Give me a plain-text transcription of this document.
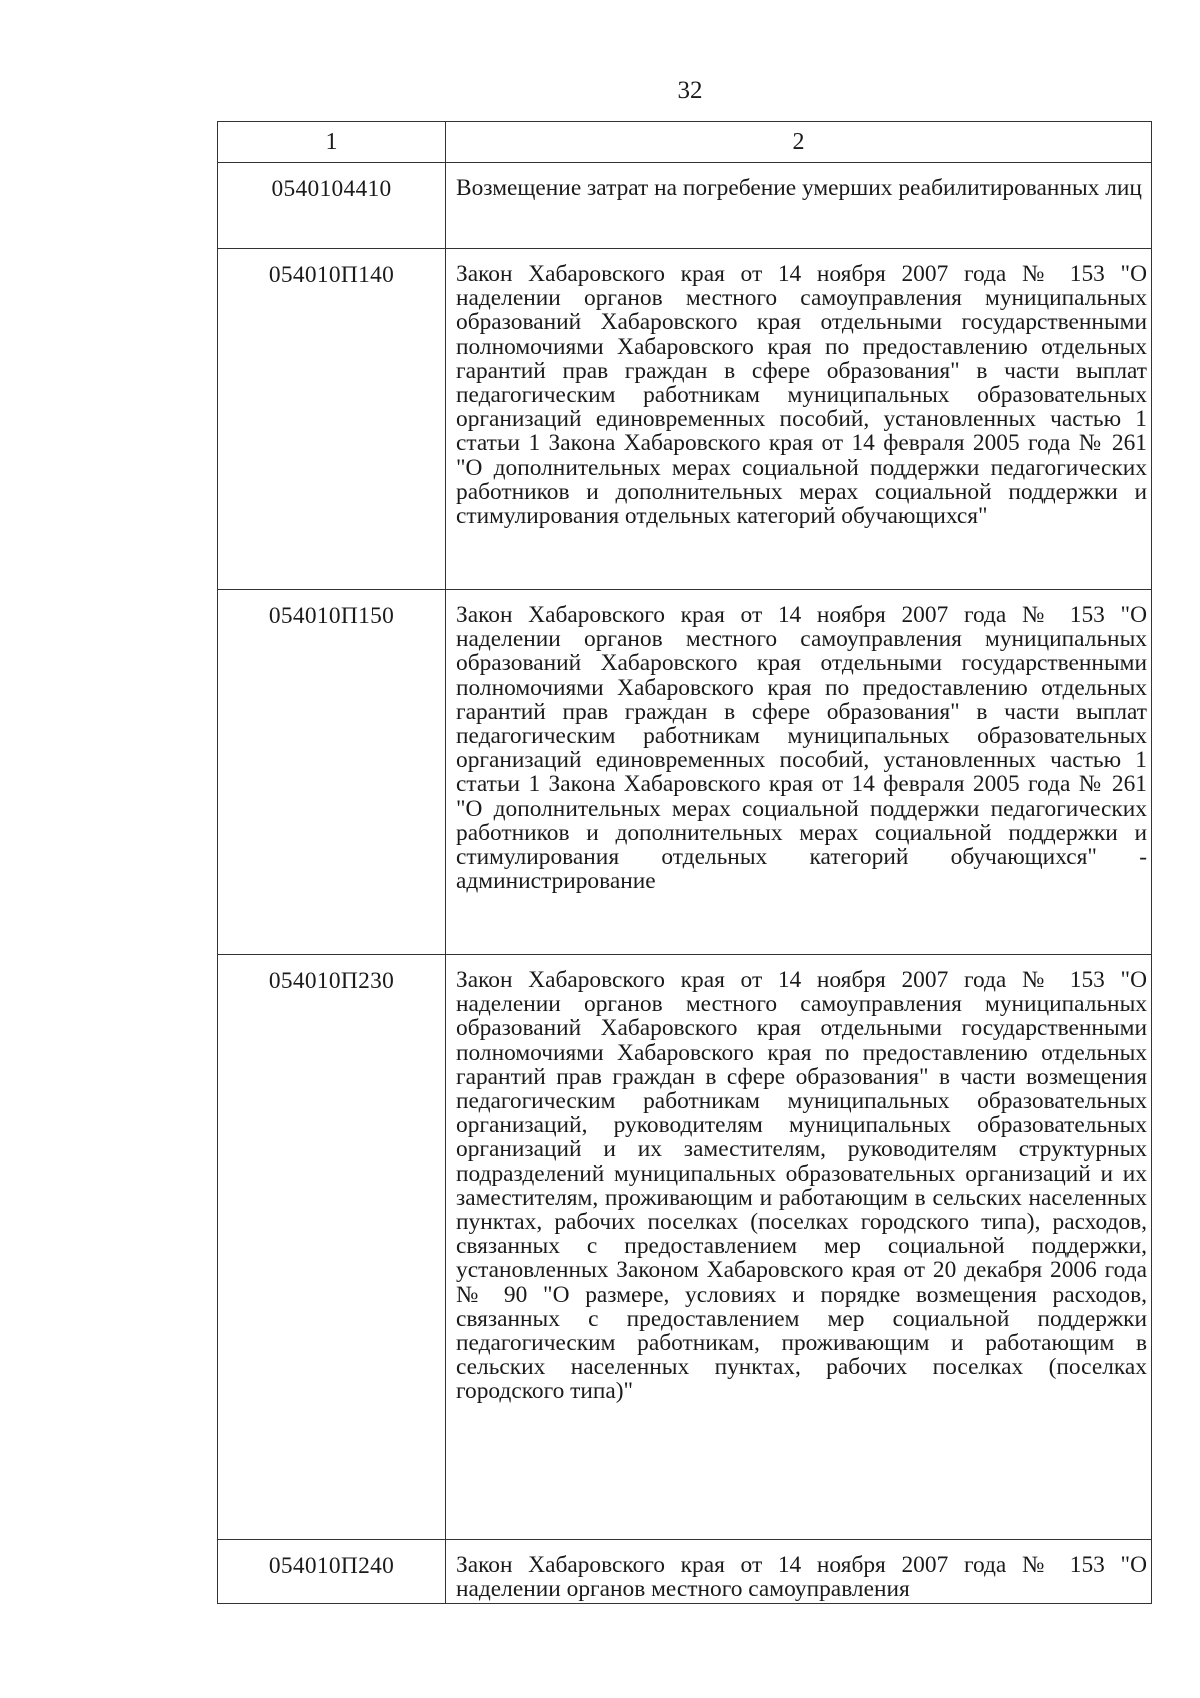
32
1	2
0540104410	Возмещение затрат на погребение умерших реабилитированных лиц
054010П140	Закон Хабаровского края от 14 ноября 2007 года № 153 "О наделении органов местного самоуправления муниципальных образований Хабаровского края отдельными государственными полномочиями Хабаровского края по предоставлению отдельных гарантий прав граждан в сфере образования" в части выплат педагогическим работникам муниципальных образовательных организаций единовременных пособий, установленных частью 1 статьи 1 Закона Хабаровского края от 14 февраля 2005 года № 261 "О дополнительных мерах социальной поддержки педагогических работников и дополнительных мерах социальной поддержки и стимулирования отдельных категорий обучающихся"
054010П150	Закон Хабаровского края от 14 ноября 2007 года № 153 "О наделении органов местного самоуправления муниципальных образований Хабаровского края отдельными государственными полномочиями Хабаровского края по предоставлению отдельных гарантий прав граждан в сфере образования" в части выплат педагогическим работникам муниципальных образовательных организаций единовременных пособий, установленных частью 1 статьи 1 Закона Хабаровского края от 14 февраля 2005 года № 261 "О дополнительных мерах социальной поддержки педагогических работников и дополнительных мерах социальной поддержки и стимулирования отдельных категорий обучающихся" - администрирование
054010П230	Закон Хабаровского края от 14 ноября 2007 года № 153 "О наделении органов местного самоуправления муниципальных образований Хабаровского края отдельными государственными полномочиями Хабаровского края по предоставлению отдельных гарантий прав граждан в сфере образования" в части возмещения педагогическим работникам муниципальных образовательных организаций, руководителям муниципальных образовательных организаций и их заместителям, руководителям структурных подразделений муниципальных образовательных организаций и их заместителям, проживающим и работающим в сельских населенных пунктах, рабочих поселках (поселках городского типа), расходов, связанных с предоставлением мер социальной поддержки, установленных Законом Хабаровского края от 20 декабря 2006 года № 90 "О размере, условиях и порядке возмещения расходов, связанных с предоставлением мер социальной поддержки педагогическим работникам, проживающим и работающим в сельских населенных пунктах, рабочих поселках (поселках городского типа)"
054010П240	Закон Хабаровского края от 14 ноября 2007 года № 153 "О наделении органов местного самоуправления
